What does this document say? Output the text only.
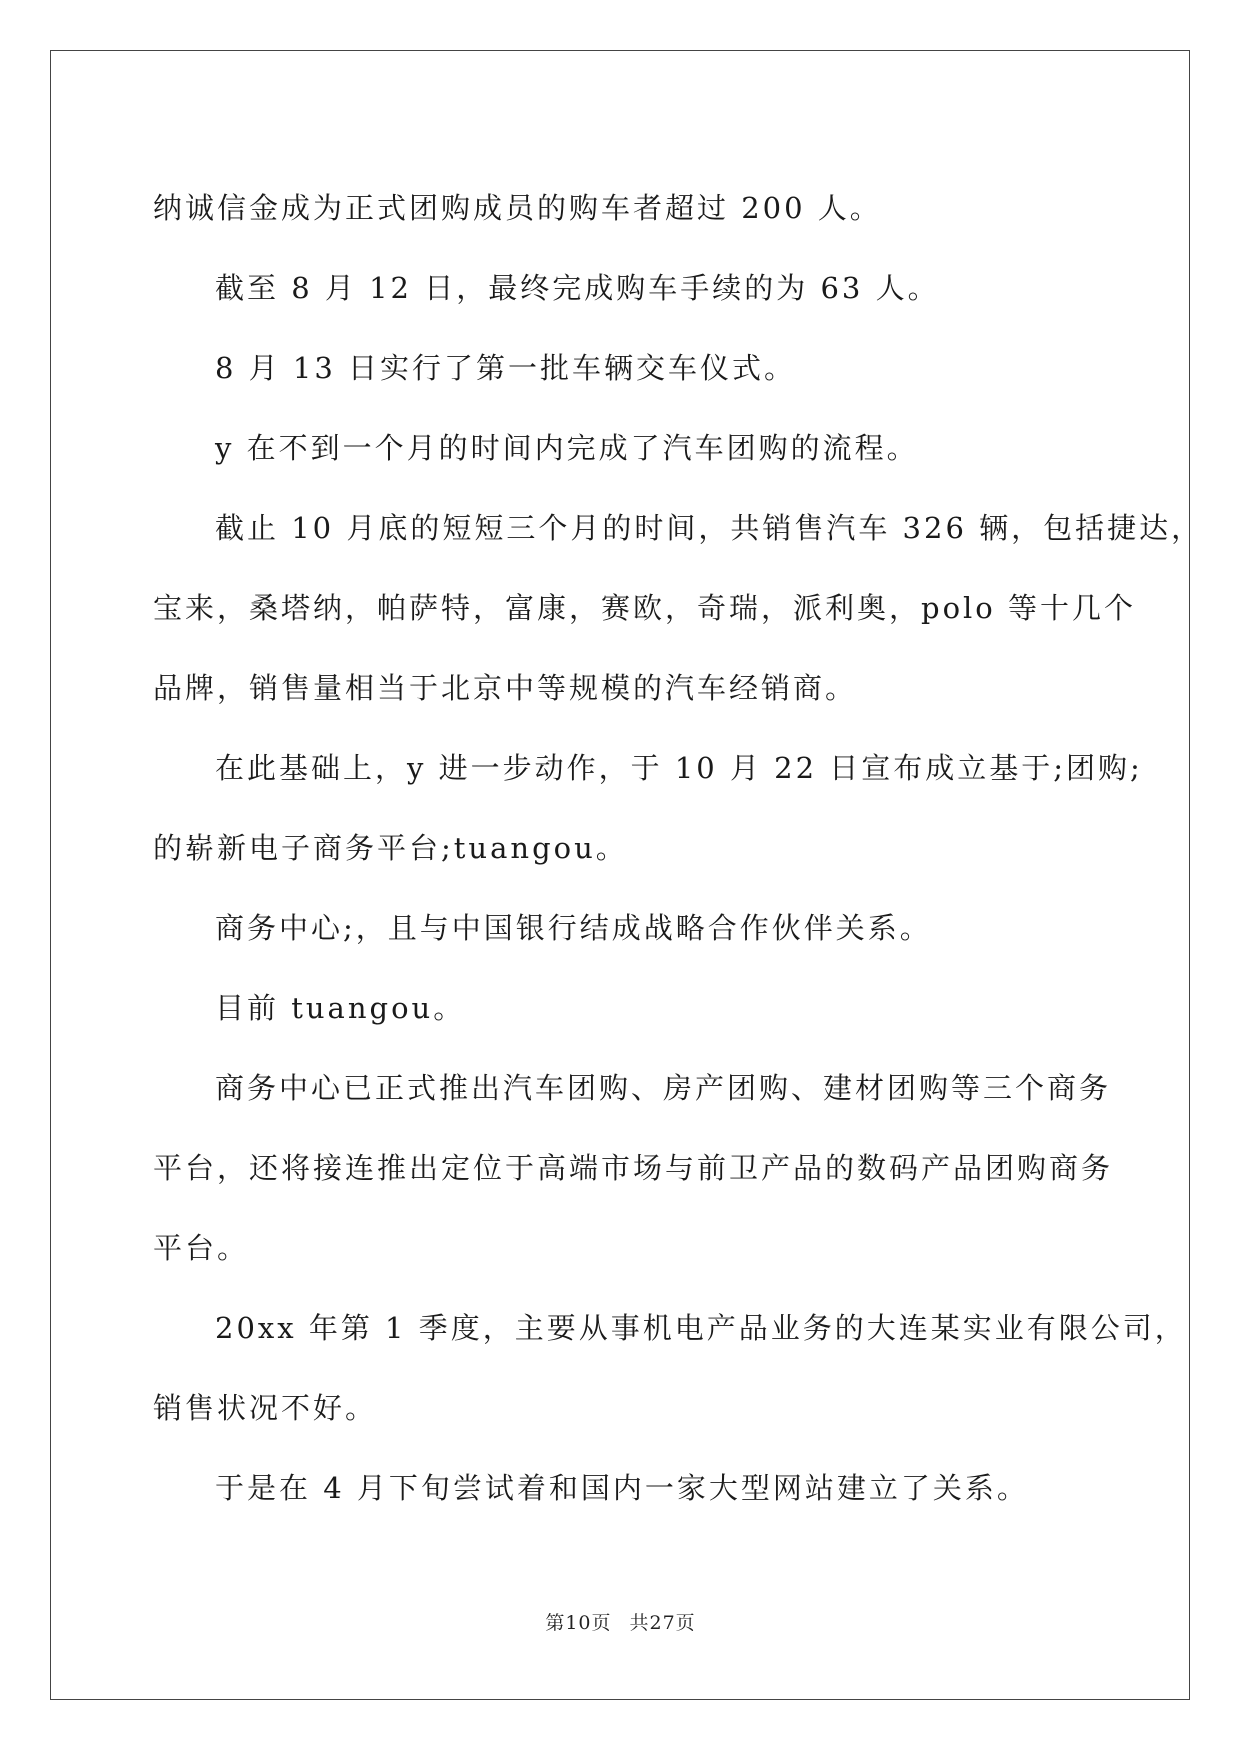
纳诚信金成为正式团购成员的购车者超过 200 人。

截至 8 月 12 日，最终完成购车手续的为 63 人。

8 月 13 日实行了第一批车辆交车仪式。

y 在不到一个月的时间内完成了汽车团购的流程。

截止 10 月底的短短三个月的时间，共销售汽车 326 辆，包括捷达，

宝来，桑塔纳，帕萨特，富康，赛欧，奇瑞，派利奥，polo 等十几个

品牌，销售量相当于北京中等规模的汽车经销商。

在此基础上，y 进一步动作，于 10 月 22 日宣布成立基于;团购;

的崭新电子商务平台;tuangou。

商务中心;，且与中国银行结成战略合作伙伴关系。

目前 tuangou。

商务中心已正式推出汽车团购、房产团购、建材团购等三个商务

平台，还将接连推出定位于高端市场与前卫产品的数码产品团购商务

平台。

20xx 年第 1 季度，主要从事机电产品业务的大连某实业有限公司，

销售状况不好。

于是在 4 月下旬尝试着和国内一家大型网站建立了关系。

第10页 共27页
